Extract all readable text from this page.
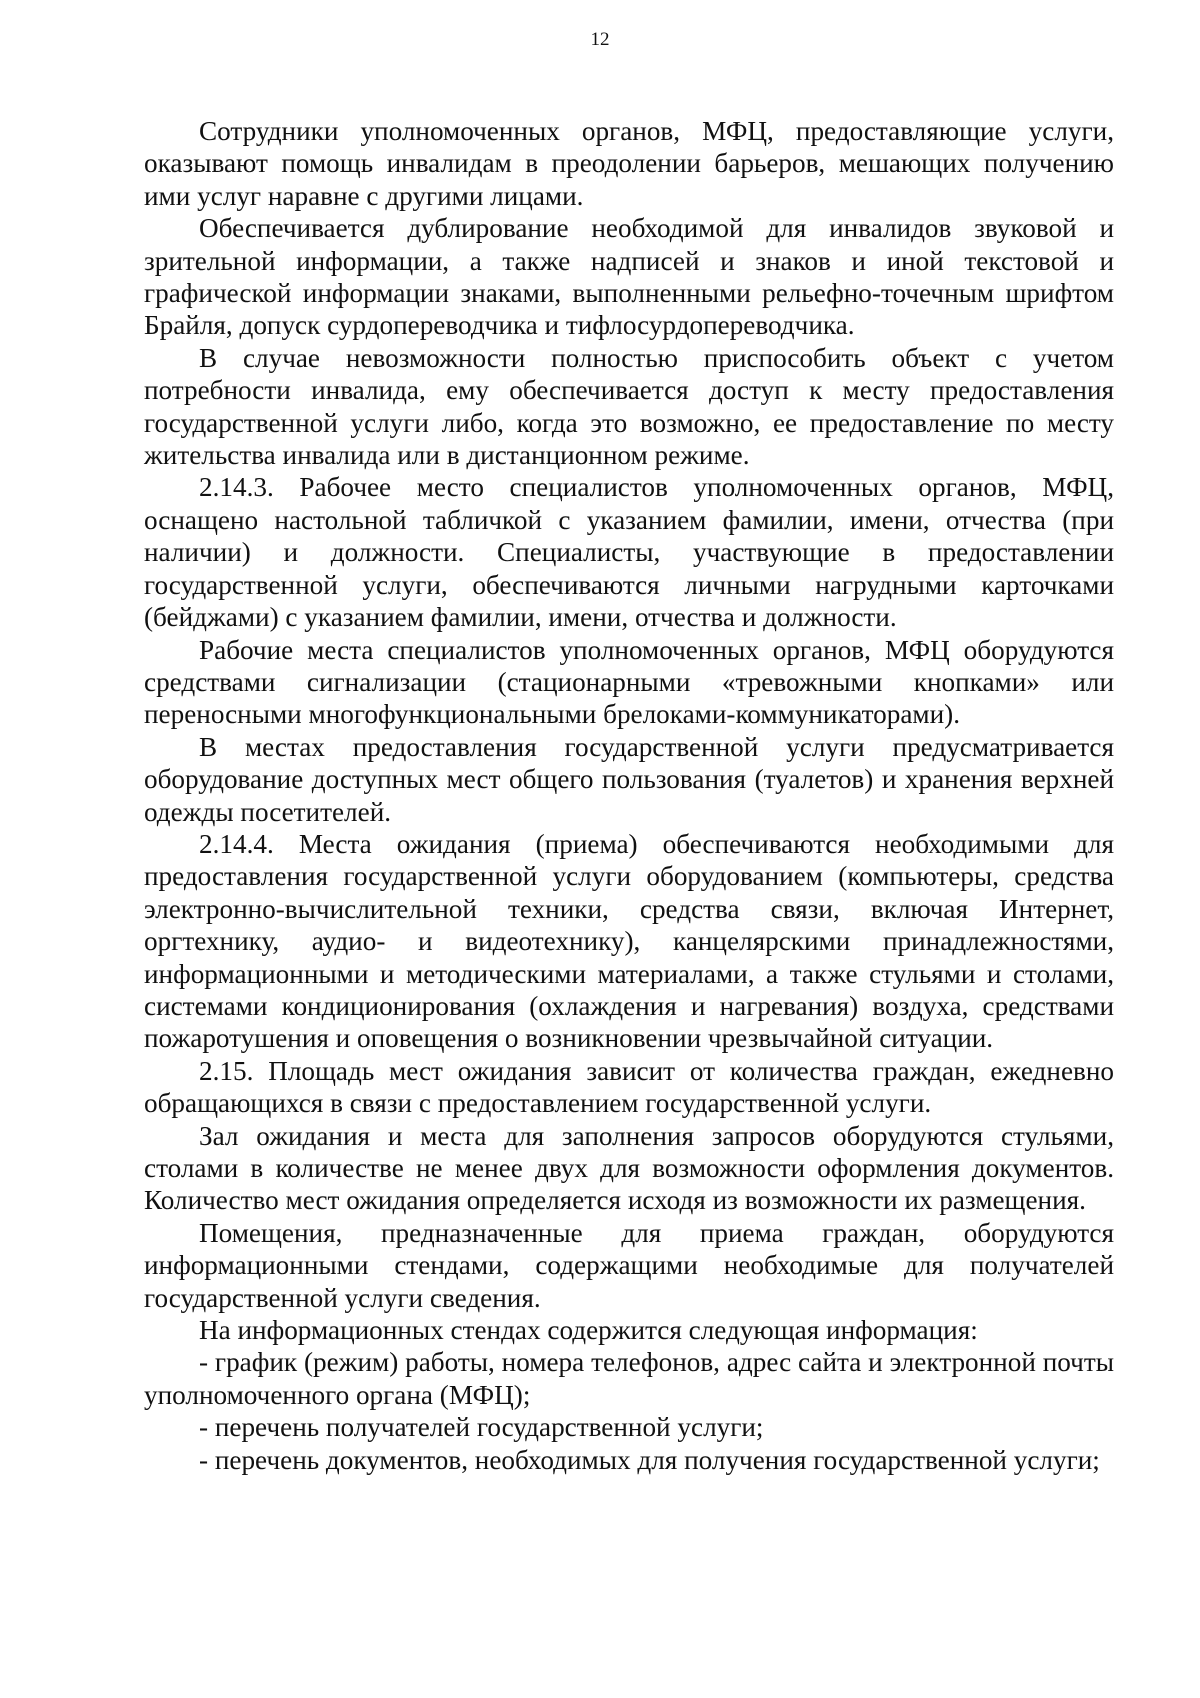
12

Сотрудники уполномоченных органов, МФЦ, предоставляющие услуги, оказывают помощь инвалидам в преодолении барьеров, мешающих получению ими услуг наравне с другими лицами.

Обеспечивается дублирование необходимой для инвалидов звуковой и зрительной информации, а также надписей и знаков и иной текстовой и графической информации знаками, выполненными рельефно-точечным шрифтом Брайля, допуск сурдопереводчика и тифлосурдопереводчика.

В случае невозможности полностью приспособить объект с учетом потребности инвалида, ему обеспечивается доступ к месту предоставления государственной услуги либо, когда это возможно, ее предоставление по месту жительства инвалида или в дистанционном режиме.

2.14.3. Рабочее место специалистов уполномоченных органов, МФЦ, оснащено настольной табличкой с указанием фамилии, имени, отчества (при наличии) и должности. Специалисты, участвующие в предоставлении государственной услуги, обеспечиваются личными нагрудными карточками (бейджами) с указанием фамилии, имени, отчества и должности.

Рабочие места специалистов уполномоченных органов, МФЦ оборудуются средствами сигнализации (стационарными «тревожными кнопками» или переносными многофункциональными брелоками-коммуникаторами).

В местах предоставления государственной услуги предусматривается оборудование доступных мест общего пользования (туалетов) и хранения верхней одежды посетителей.

2.14.4. Места ожидания (приема) обеспечиваются необходимыми для предоставления государственной услуги оборудованием (компьютеры, средства электронно-вычислительной техники, средства связи, включая Интернет, оргтехнику, аудио- и видеотехнику), канцелярскими принадлежностями, информационными и методическими материалами, а также стульями и столами, системами кондиционирования (охлаждения и нагревания) воздуха, средствами пожаротушения и оповещения о возникновении чрезвычайной ситуации.

2.15. Площадь мест ожидания зависит от количества граждан, ежедневно обращающихся в связи с предоставлением государственной услуги.

Зал ожидания и места для заполнения запросов оборудуются стульями, столами в количестве не менее двух для возможности оформления документов. Количество мест ожидания определяется исходя из возможности их размещения.

Помещения, предназначенные для приема граждан, оборудуются информационными стендами, содержащими необходимые для получателей государственной услуги сведения.

На информационных стендах содержится следующая информация:

- график (режим) работы, номера телефонов, адрес сайта и электронной почты уполномоченного органа (МФЦ);

- перечень получателей государственной услуги;

- перечень документов, необходимых для получения государственной услуги;
